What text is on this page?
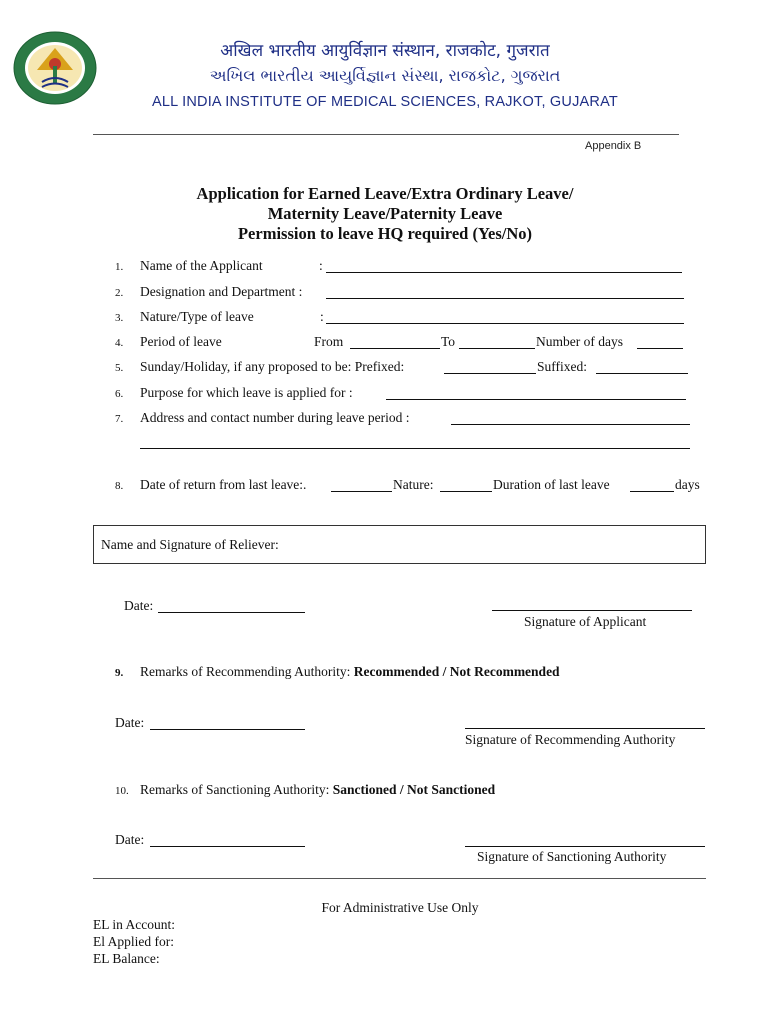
अखिल भारतीय आयुर्विज्ञान संस्थान, राजकोट, गुजरात
અખિલ ભારતીય આયુર્વિજ્ઞાન સંસ્થા, રાજકોટ, ગુજરાત
ALL INDIA INSTITUTE OF MEDICAL SCIENCES, RAJKOT, GUJARAT
Appendix B
Application for Earned Leave/Extra Ordinary Leave/
Maternity Leave/Paternity Leave
Permission to leave HQ required (Yes/No)
1. Name of the Applicant	:
2. Designation and Department :
3. Nature/Type of leave	:
4. Period of leave	From	To	Number of days
5. Sunday/Holiday, if any proposed to be: Prefixed:	Suffixed:
6. Purpose for which leave is applied for :
7. Address and contact number during leave period :
8. Date of return from last leave:.	Nature:	Duration of last leave	days
Name and Signature of Reliever:
Date:
Signature of Applicant
9. Remarks of Recommending Authority: Recommended / Not Recommended
Date:
Signature of Recommending Authority
10. Remarks of Sanctioning Authority: Sanctioned / Not Sanctioned
Date:
Signature of Sanctioning Authority
For Administrative Use Only
EL in Account:
El Applied for:
EL Balance:
